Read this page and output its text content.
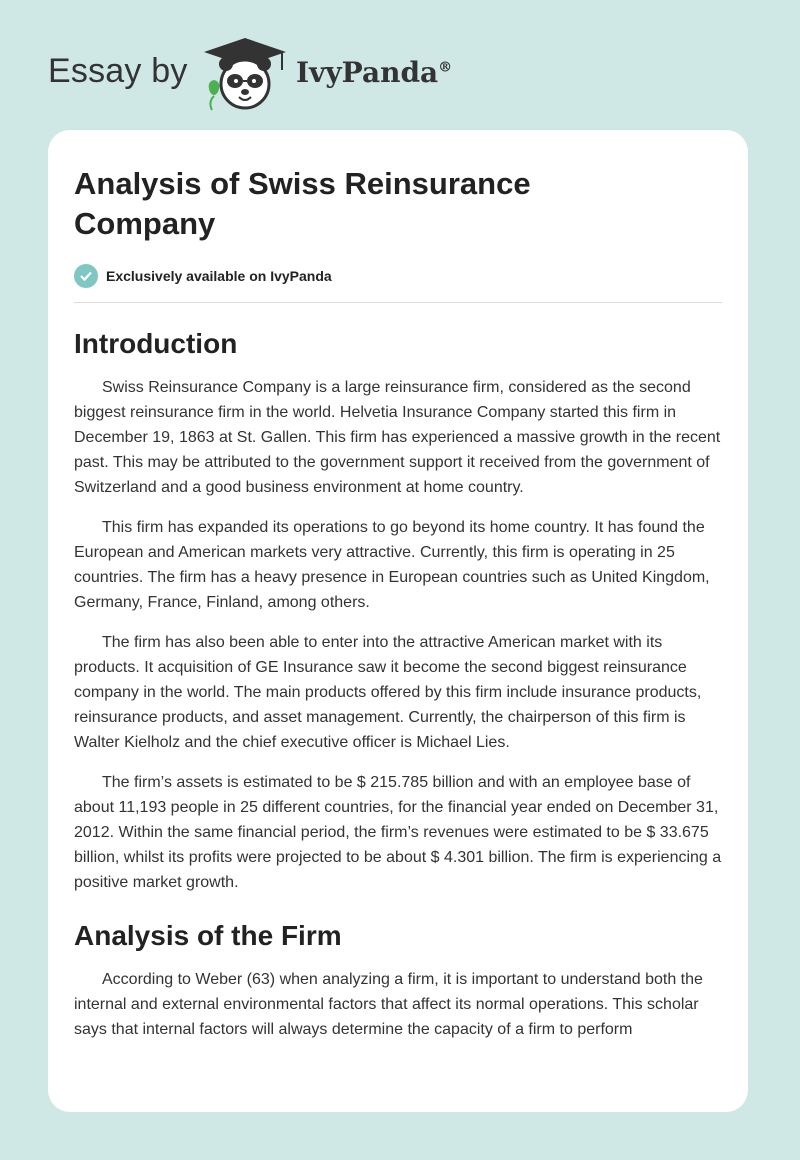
Essay by	IvyPanda®
Analysis of Swiss Reinsurance Company
Exclusively available on IvyPanda
Introduction

Swiss Reinsurance Company is a large reinsurance firm, considered as the second biggest reinsurance firm in the world. Helvetia Insurance Company started this firm in December 19, 1863 at St. Gallen. This firm has experienced a massive growth in the recent past. This may be attributed to the government support it received from the government of Switzerland and a good business environment at home country.

This firm has expanded its operations to go beyond its home country. It has found the European and American markets very attractive. Currently, this firm is operating in 25 countries. The firm has a heavy presence in European countries such as United Kingdom, Germany, France, Finland, among others.

The firm has also been able to enter into the attractive American market with its products. It acquisition of GE Insurance saw it become the second biggest reinsurance company in the world. The main products offered by this firm include insurance products, reinsurance products, and asset management. Currently, the chairperson of this firm is Walter Kielholz and the chief executive officer is Michael Lies.

The firm’s assets is estimated to be $ 215.785 billion and with an employee base of about 11,193 people in 25 different countries, for the financial year ended on December 31, 2012. Within the same financial period, the firm’s revenues were estimated to be $ 33.675 billion, whilst its profits were projected to be about $ 4.301 billion. The firm is experiencing a positive market growth.

Analysis of the Firm

According to Weber (63) when analyzing a firm, it is important to understand both the internal and external environmental factors that affect its normal operations. This scholar says that internal factors will always determine the capacity of a firm to perform
